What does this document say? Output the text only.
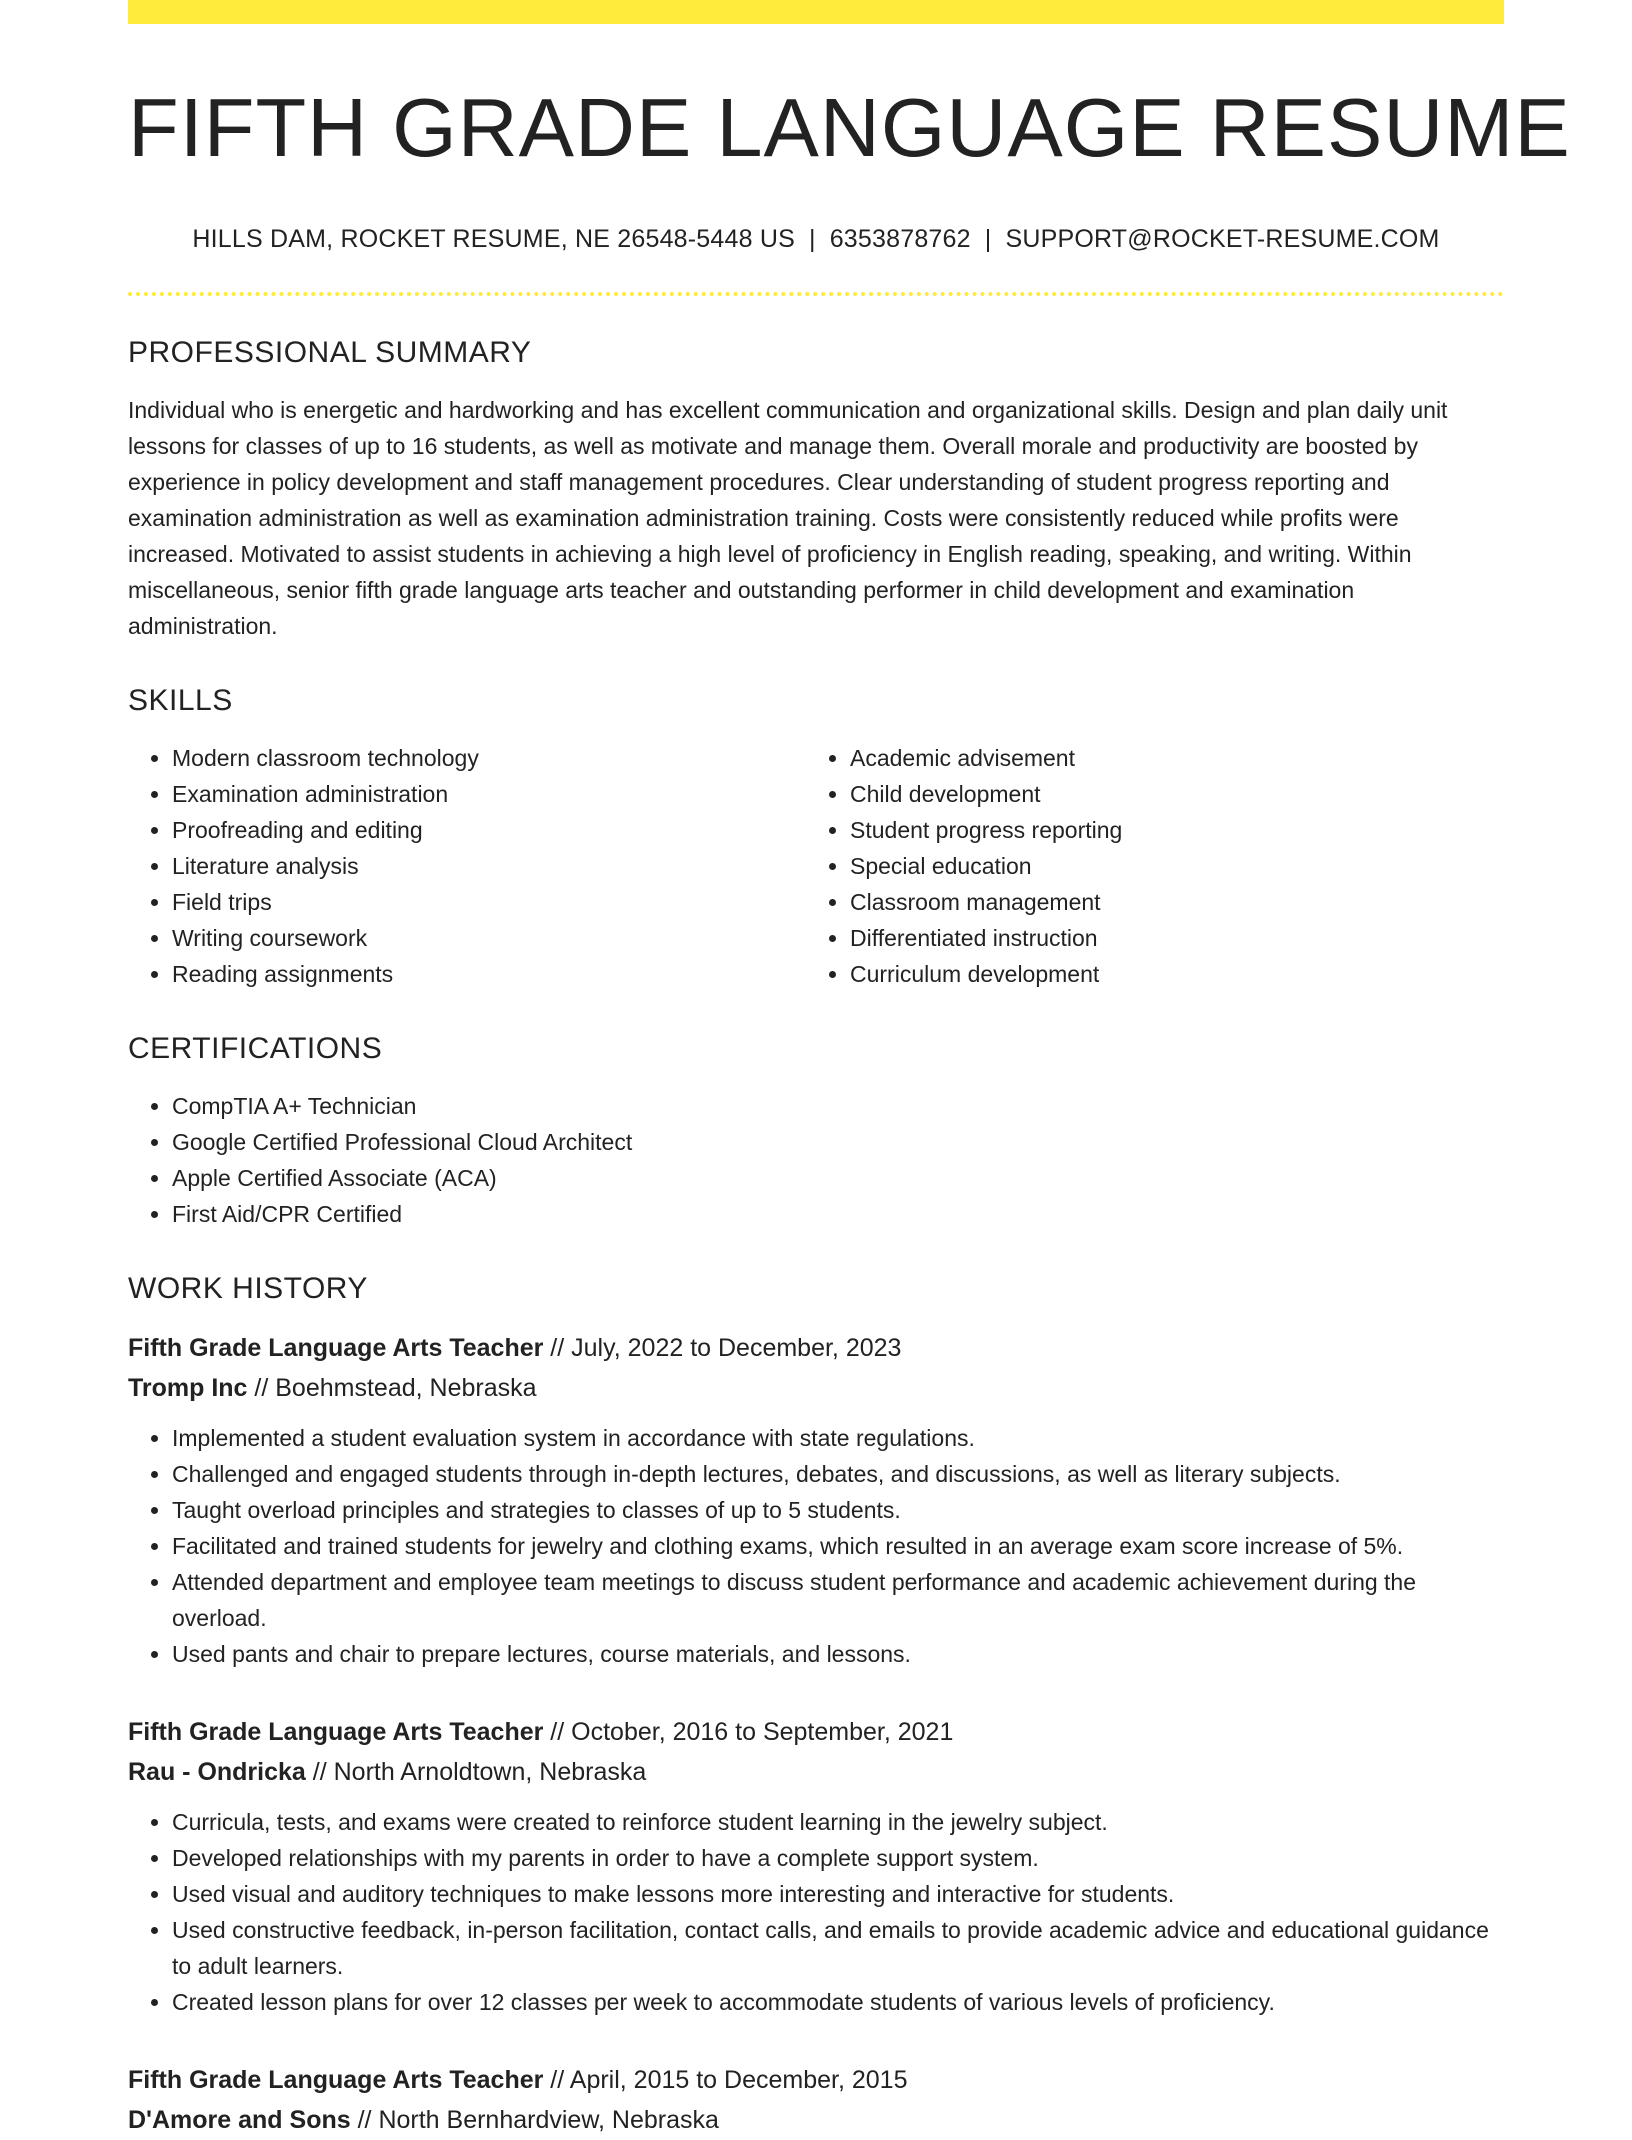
FIFTH GRADE LANGUAGE RESUME
HILLS DAM, ROCKET RESUME, NE 26548-5448 US | 6353878762 | SUPPORT@ROCKET-RESUME.COM
PROFESSIONAL SUMMARY

Individual who is energetic and hardworking and has excellent communication and organizational skills. Design and plan daily unit lessons for classes of up to 16 students, as well as motivate and manage them. Overall morale and productivity are boosted by experience in policy development and staff management procedures. Clear understanding of student progress reporting and examination administration as well as examination administration training. Costs were consistently reduced while profits were increased. Motivated to assist students in achieving a high level of proficiency in English reading, speaking, and writing. Within miscellaneous, senior fifth grade language arts teacher and outstanding performer in child development and examination administration.

SKILLS
• Modern classroom technology
• Examination administration
• Proofreading and editing
• Literature analysis
• Field trips
• Writing coursework
• Reading assignments
• Academic advisement
• Child development
• Student progress reporting
• Special education
• Classroom management
• Differentiated instruction
• Curriculum development
CERTIFICATIONS
• CompTIA A+ Technician
• Google Certified Professional Cloud Architect
• Apple Certified Associate (ACA)
• First Aid/CPR Certified
WORK HISTORY
Fifth Grade Language Arts Teacher // July, 2022 to December, 2023
Tromp Inc // Boehmstead, Nebraska
• Implemented a student evaluation system in accordance with state regulations.
• Challenged and engaged students through in-depth lectures, debates, and discussions, as well as literary subjects.
• Taught overload principles and strategies to classes of up to 5 students.
• Facilitated and trained students for jewelry and clothing exams, which resulted in an average exam score increase of 5%.
• Attended department and employee team meetings to discuss student performance and academic achievement during the overload.
• Used pants and chair to prepare lectures, course materials, and lessons.
Fifth Grade Language Arts Teacher // October, 2016 to September, 2021
Rau - Ondricka // North Arnoldtown, Nebraska
• Curricula, tests, and exams were created to reinforce student learning in the jewelry subject.
• Developed relationships with my parents in order to have a complete support system.
• Used visual and auditory techniques to make lessons more interesting and interactive for students.
• Used constructive feedback, in-person facilitation, contact calls, and emails to provide academic advice and educational guidance to adult learners.
• Created lesson plans for over 12 classes per week to accommodate students of various levels of proficiency.
Fifth Grade Language Arts Teacher // April, 2015 to December, 2015
D'Amore and Sons // North Bernhardview, Nebraska
